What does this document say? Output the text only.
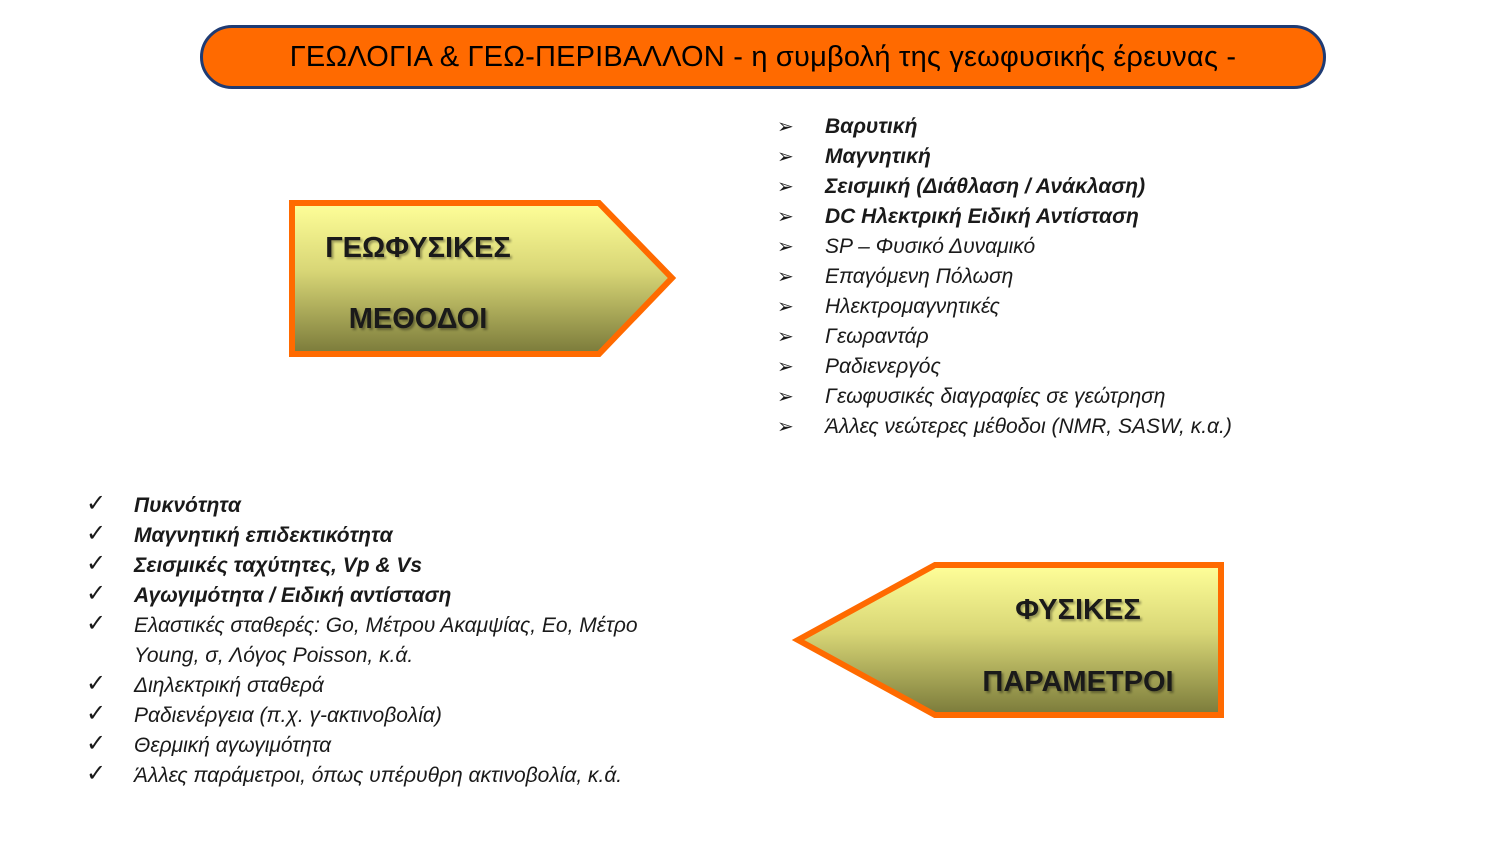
ΓΕΩΛΟΓΙΑ & ΓΕΩ-ΠΕΡΙΒΑΛΛΟΝ - η συμβολή της γεωφυσικής έρευνας -
ΓΕΩΦΥΣΙΚΕΣ
ΜΕΘΟΔΟΙ
ΦΥΣΙΚΕΣ
ΠΑΡΑΜΕΤΡΟΙ
➢ Βαρυτική
➢ Μαγνητική
➢ Σεισμική (Διάθλαση / Ανάκλαση)
➢ DC Ηλεκτρική Ειδική Αντίσταση
➢ SP – Φυσικό Δυναμικό
➢ Επαγόμενη Πόλωση
➢ Ηλεκτρομαγνητικές
➢ Γεωραντάρ
➢ Ραδιενεργός
➢ Γεωφυσικές διαγραφίες σε γεώτρηση
➢ Άλλες νεώτερες μέθοδοι (NMR, SASW, κ.α.)
✓ Πυκνότητα
✓ Μαγνητική επιδεκτικότητα
✓ Σεισμικές ταχύτητες, Vp & Vs
✓ Αγωγιμότητα / Ειδική αντίσταση
✓ Ελαστικές σταθερές: Go, Μέτρου Ακαμψίας, Eο, Μέτρο
Young, σ, Λόγος Poisson, κ.ά.
✓ Διηλεκτρική σταθερά
✓ Ραδιενέργεια (π.χ. γ-ακτινοβολία)
✓ Θερμική αγωγιμότητα
✓ Άλλες παράμετροι, όπως υπέρυθρη ακτινοβολία, κ.ά.
